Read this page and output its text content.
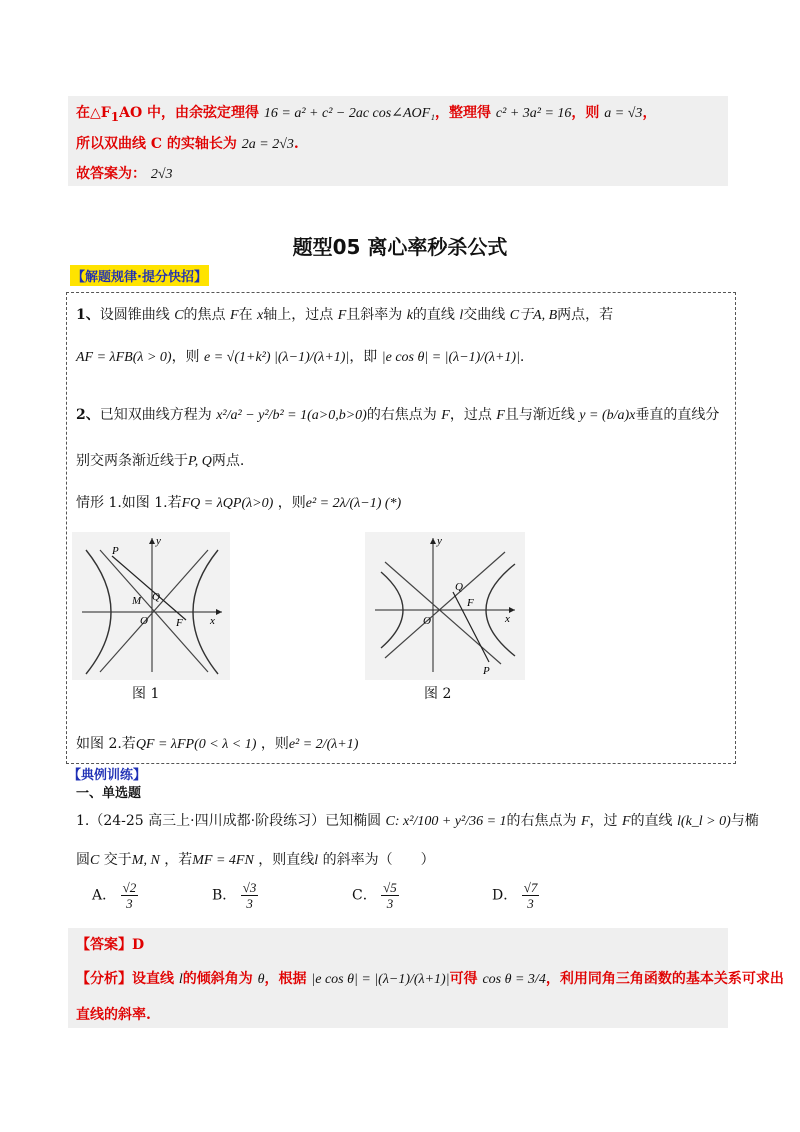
在$\triangle F_1AO$ 中，由余弦定理得 16 = a² + c² − 2ac cos∠AOF₁，整理得 c² + 3a² = 16，则 a = √3，
所以双曲线 C 的实轴长为 2a = 2√3.
故答案为： 2√3
题型05 离心率秒杀公式
【解题规律·提分快招】
1、设圆锥曲线 C的焦点 F在 x轴上，过点 F且斜率为 k的直线 l交曲线 C于A, B两点，若
AF = λFB(λ > 0)，则 e = √(1+k²) |(λ−1)/(λ+1)|，即 |e cos θ| = |(λ−1)/(λ+1)|.
2、已知双曲线方程为 x²/a² − y²/b² = 1(a>0,b>0)的右焦点为 F，过点 F且与渐近线 y = (b/a)x垂直的直线分
别交两条渐近线于P, Q两点.
情形 1.如图 1.若FQ = λQP(λ>0) ，则e² = 2λ/(λ−1) (*)
P
Q
M
O	F x
y
Q
F
O
P
x
y
图 1	图 2
如图 2.若QF = λFP(0 < λ < 1) ，则e² = 2/(λ+1)
【典例训练】
一、单选题
1.（24-25 高三上·四川成都·阶段练习）已知椭圆 C: x²/100 + y²/36 = 1的右焦点为 F，过 F的直线 l(k_l > 0)与椭
圆C 交于M, N ，若MF = 4FN ，则直线l 的斜率为（　　）
A． $\frac{√2}{3}$	B． $\frac{√3}{3}$	C． $\frac{√5}{3}$	D． $\frac{√7}{3}$
【答案】D
【分析】设直线 l的倾斜角为 θ，根据 |e cos θ| = |(λ−1)/(λ+1)|可得 cos θ = 3/4，利用同角三角函数的基本关系可求出
直线的斜率.
